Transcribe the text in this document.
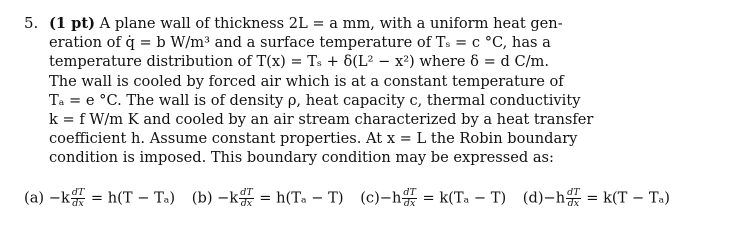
5. (1 pt) A plane wall of thickness 2L = a mm, with a uniform heat gen-
eration of q̇ = b W/m³ and a surface temperature of Tₛ = c °C, has a
temperature distribution of T(x) = Tₛ + δ(L² − x²) where δ = d C/m.
The wall is cooled by forced air which is at a constant temperature of
Tₐ = e °C. The wall is of density ρ, heat capacity c, thermal conductivity
k = f W/m K and cooled by an air stream characterized by a heat transfer
coefficient h. Assume constant properties. At x = L the Robin boundary
condition is imposed. This boundary condition may be expressed as:
$(a) -k \frac{dT}{dx} = h(T - T_a)$ $(b) -k \frac{dT}{dx} = h(T_a - T)$ $(c)-h \frac{dT}{dx} = k(T_a - T)$ $(d)-h \frac{dT}{dx} = k(T - T_a)$
